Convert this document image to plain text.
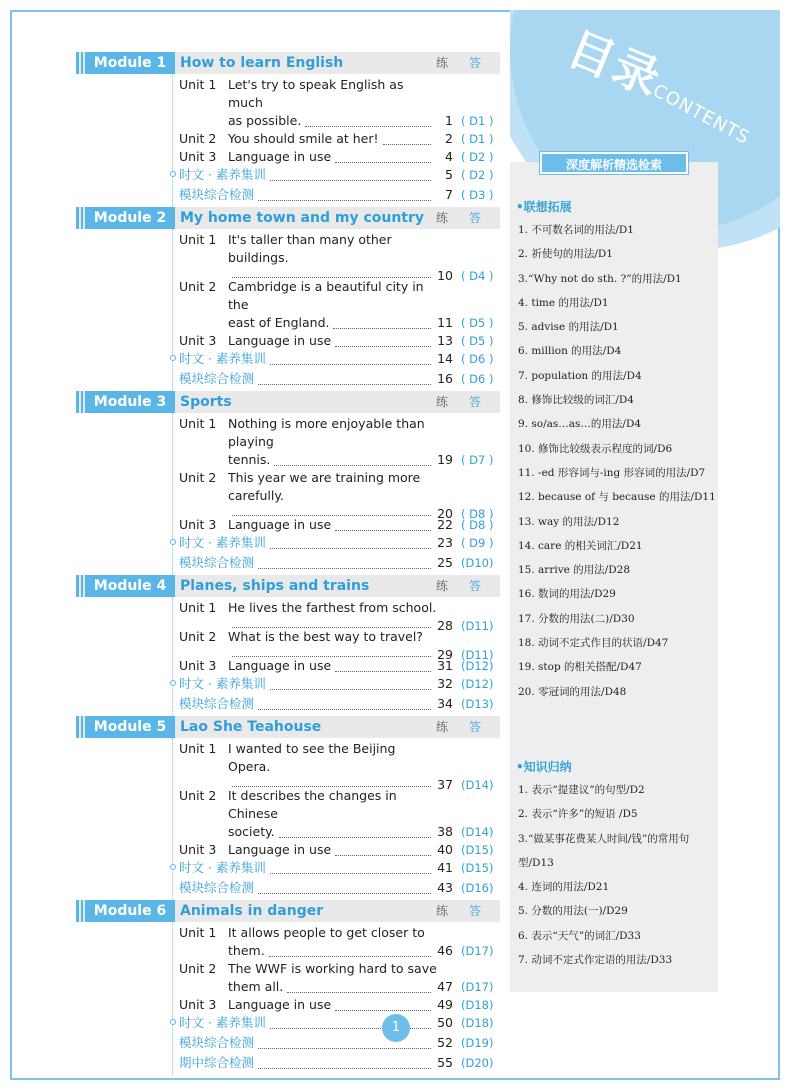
目录
CONTENTS
Module 1 How to learn English	练 答
Unit 1 Let's try to speak English as much
as possible.	1 ( D1 )
Unit 2 You should smile at her!	2 ( D1 )
Unit 3 Language in use	4 ( D2 )
时文 · 素养集训	5 ( D2 )
模块综合检测	7 ( D3 )
Module 2 My home town and my country 练 答
Unit 1 It's taller than many other buildings.
10 ( D4 )
Unit 2 Cambridge is a beautiful city in the
east of England.	11 ( D5 )
Unit 3 Language in use	13 ( D5 )
时文 · 素养集训	14 ( D6 )
模块综合检测	16 ( D6 )
Module 3 Sports	练 答
Unit 1 Nothing is more enjoyable than playing
tennis.	19 ( D7 )
Unit 2 This year we are training more carefully.
20 ( D8 )
Unit 3 Language in use	22 ( D8 )
时文 · 素养集训	23 ( D9 )
模块综合检测	25 (D10)
Module 4 Planes, ships and trains	练 答
Unit 1 He lives the farthest from school.
28 (D11)
Unit 2 What is the best way to travel?
29 (D11)
Unit 3 Language in use	31 (D12)
时文 · 素养集训	32 (D12)
模块综合检测	34 (D13)
Module 5 Lao She Teahouse	练 答
Unit 1 I wanted to see the Beijing Opera.
37 (D14)
Unit 2 It describes the changes in Chinese
society.	38 (D14)
Unit 3 Language in use	40 (D15)
时文 · 素养集训	41 (D15)
模块综合检测	43 (D16)
Module 6 Animals in danger	练 答
Unit 1 It allows people to get closer to
them.	46 (D17)
Unit 2 The WWF is working hard to save
them all.	47 (D17)
Unit 3 Language in use	49 (D18)
时文 · 素养集训	50 (D18)
模块综合检测	52 (D19)
期中综合检测	55 (D20)
深度解析精选检索
•联想拓展
1. 不可数名词的用法/D1
2. 祈使句的用法/D1
3.“Why not do sth. ?”的用法/D1
4. time 的用法/D1
5. advise 的用法/D1
6. million 的用法/D4
7. population 的用法/D4
8. 修饰比较级的词汇/D4
9. so/as…as…的用法/D4
10. 修饰比较级表示程度的词/D6
11. -ed 形容词与-ing 形容词的用法/D7
12. because of 与 because 的用法/D11
13. way 的用法/D12
14. care 的相关词汇/D21
15. arrive 的用法/D28
16. 数词的用法/D29
17. 分数的用法(二)/D30
18. 动词不定式作目的状语/D47
19. stop 的相关搭配/D47
20. 零冠词的用法/D48
•知识归纳
1. 表示“提建议”的句型/D2
2. 表示“许多”的短语 /D5
3.“做某事花费某人时间/钱”的常用句
型/D13
4. 连词的用法/D21
5. 分数的用法(一)/D29
6. 表示“天气”的词汇/D33
7. 动词不定式作定语的用法/D33
1
